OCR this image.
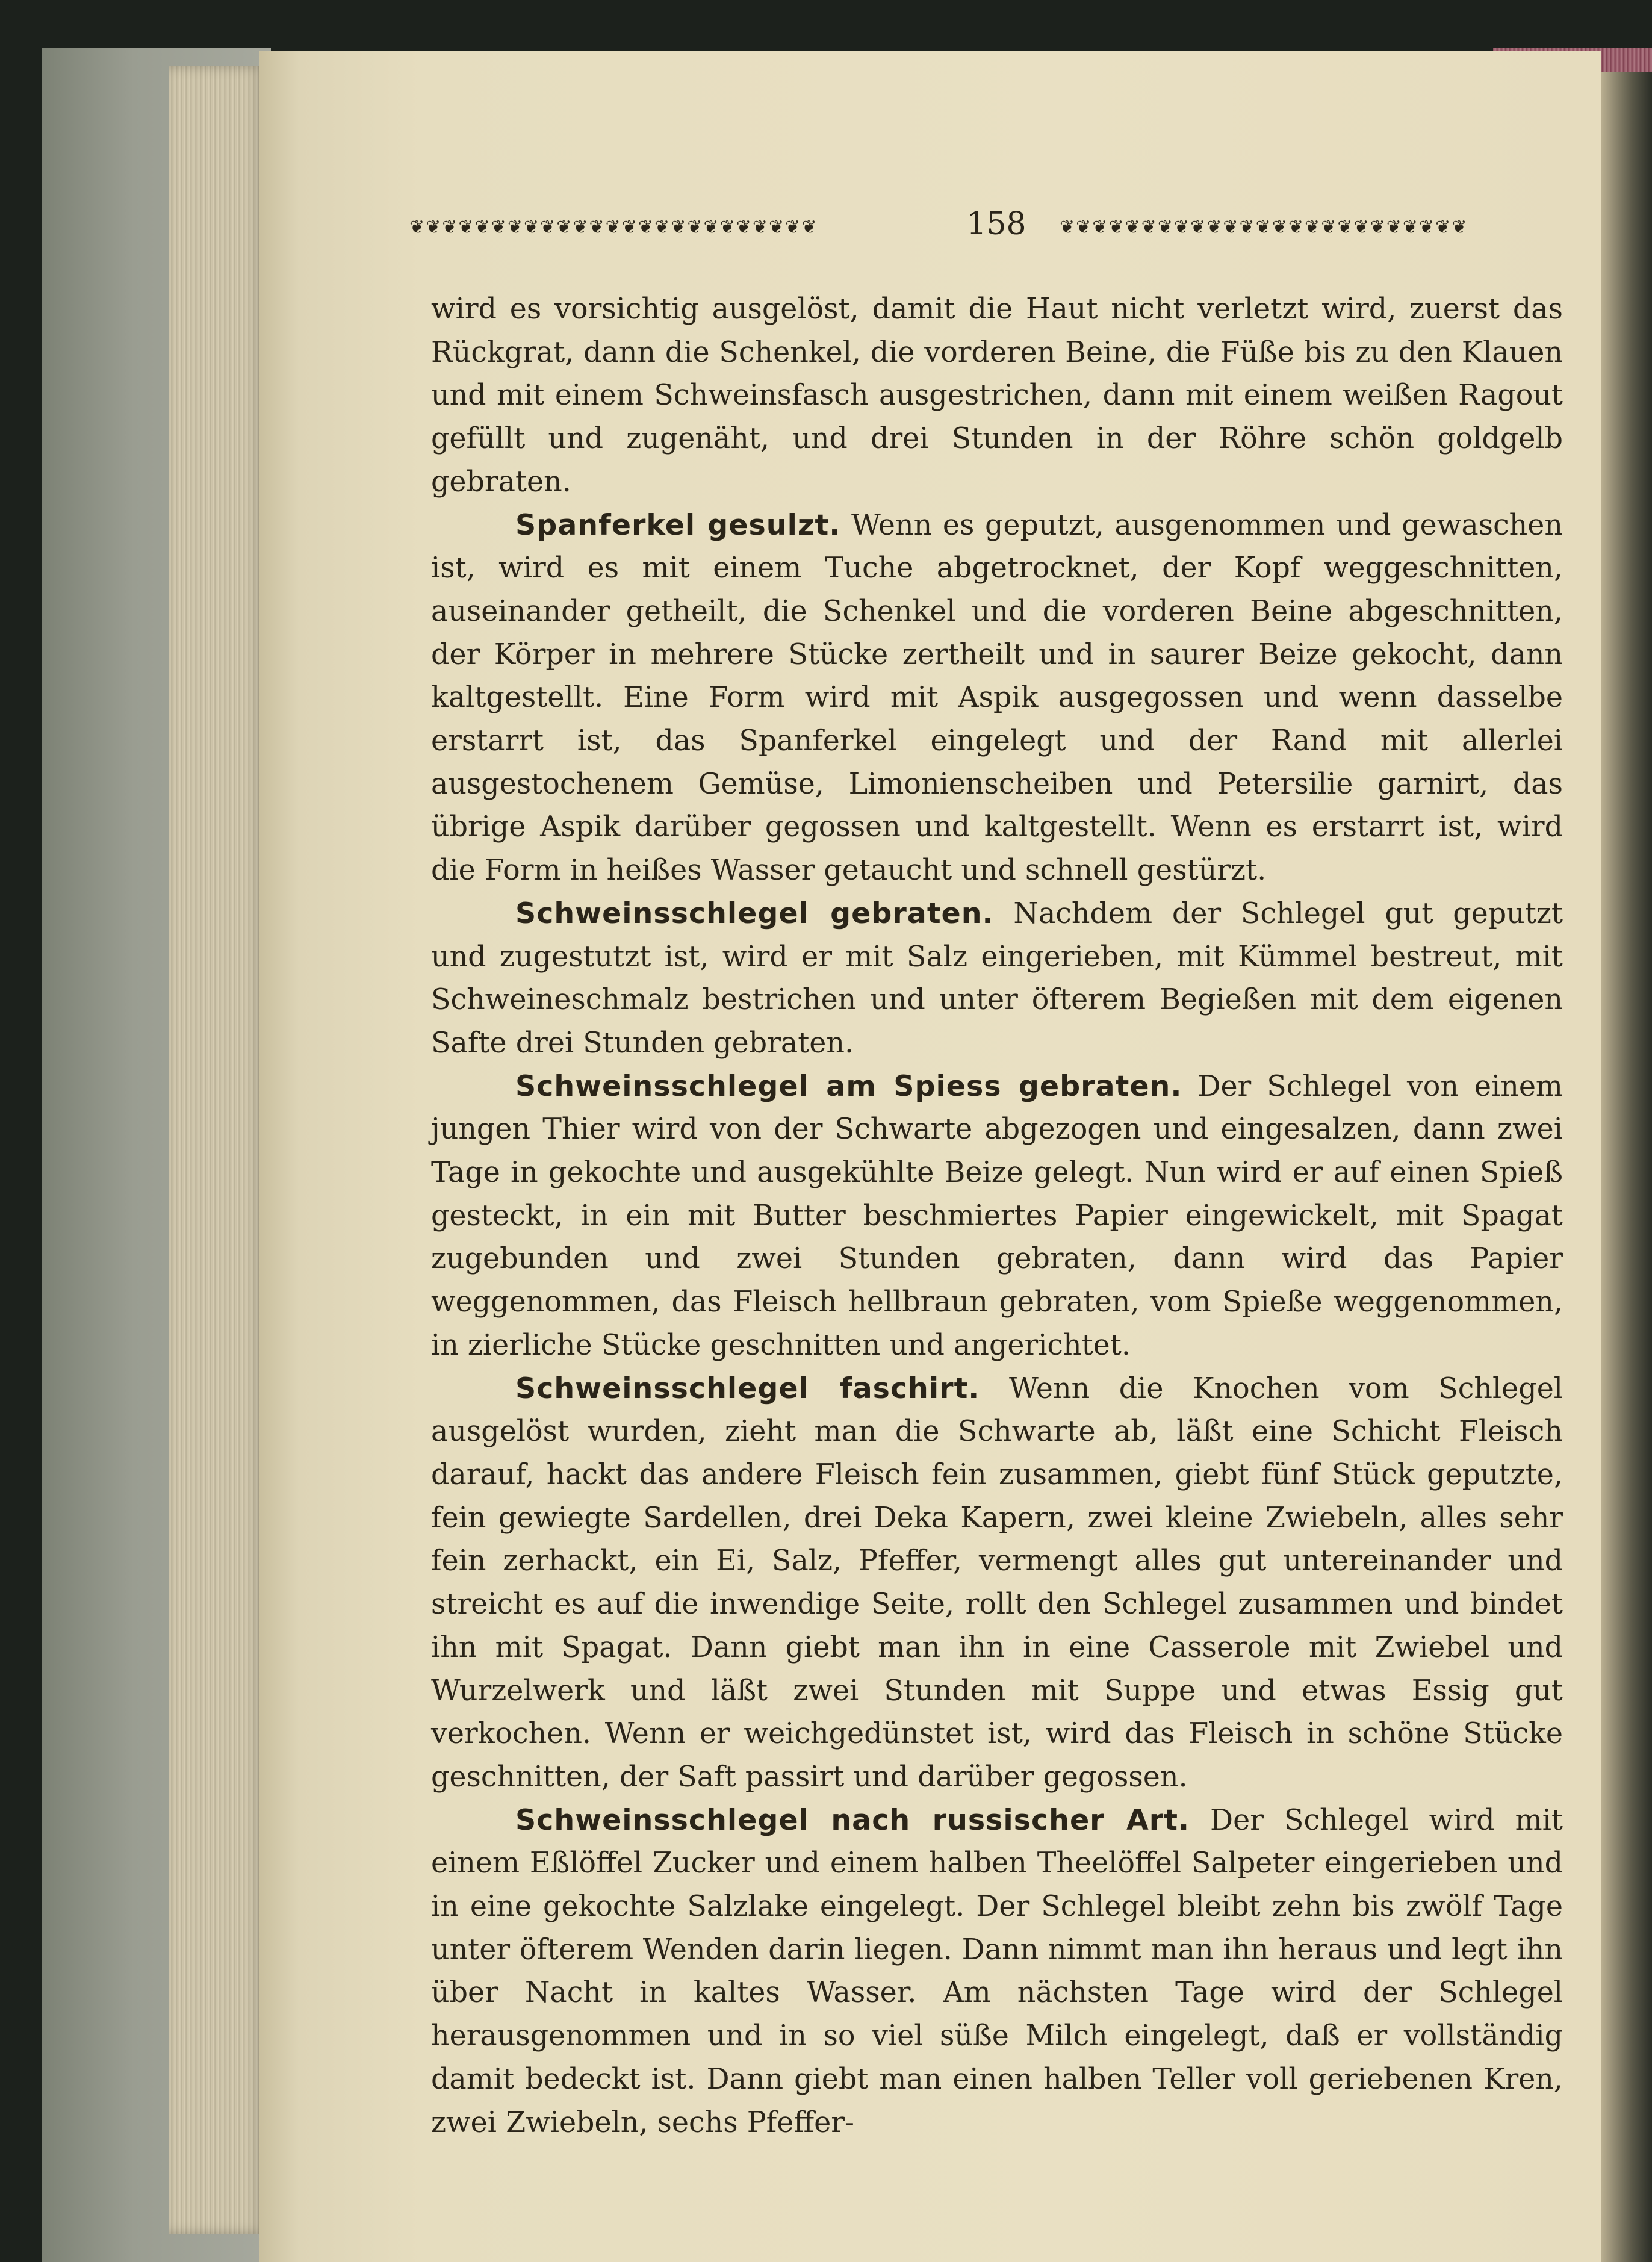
❦❦❦❦❦❦❦❦❦❦❦❦❦❦❦❦❦❦❦❦❦❦❦❦❦	158	❦❦❦❦❦❦❦❦❦❦❦❦❦❦❦❦❦❦❦❦❦❦❦❦❦

wird es vorsichtig ausgelöst, damit die Haut nicht verletzt wird, zuerst das Rückgrat, dann die Schenkel, die vorderen Beine, die Füße bis zu den Klauen und mit einem Schweinsfasch ausgestrichen, dann mit einem weißen Ragout gefüllt und zugenäht, und drei Stunden in der Röhre schön goldgelb gebraten.

Spanferkel gesulzt. Wenn es geputzt, ausgenommen und gewaschen ist, wird es mit einem Tuche abgetrocknet, der Kopf weggeschnitten, auseinander getheilt, die Schenkel und die vorderen Beine abgeschnitten, der Körper in mehrere Stücke zertheilt und in saurer Beize gekocht, dann kaltgestellt. Eine Form wird mit Aspik ausgegossen und wenn dasselbe erstarrt ist, das Spanferkel eingelegt und der Rand mit allerlei ausgestochenem Gemüse, Limonienscheiben und Petersilie garnirt, das übrige Aspik darüber gegossen und kaltgestellt. Wenn es erstarrt ist, wird die Form in heißes Wasser getaucht und schnell gestürzt.

Schweinsschlegel gebraten. Nachdem der Schlegel gut geputzt und zugestutzt ist, wird er mit Salz eingerieben, mit Kümmel bestreut, mit Schweineschmalz bestrichen und unter öfterem Begießen mit dem eigenen Safte drei Stunden gebraten.

Schweinsschlegel am Spiess gebraten. Der Schlegel von einem jungen Thier wird von der Schwarte abgezogen und eingesalzen, dann zwei Tage in gekochte und ausgekühlte Beize gelegt. Nun wird er auf einen Spieß gesteckt, in ein mit Butter beschmiertes Papier eingewickelt, mit Spagat zugebunden und zwei Stunden gebraten, dann wird das Papier weggenommen, das Fleisch hellbraun gebraten, vom Spieße weggenommen, in zierliche Stücke geschnitten und angerichtet.

Schweinsschlegel faschirt. Wenn die Knochen vom Schlegel ausgelöst wurden, zieht man die Schwarte ab, läßt eine Schicht Fleisch darauf, hackt das andere Fleisch fein zusammen, giebt fünf Stück geputzte, fein gewiegte Sardellen, drei Deka Kapern, zwei kleine Zwiebeln, alles sehr fein zerhackt, ein Ei, Salz, Pfeffer, vermengt alles gut untereinander und streicht es auf die inwendige Seite, rollt den Schlegel zusammen und bindet ihn mit Spagat. Dann giebt man ihn in eine Casserole mit Zwiebel und Wurzelwerk und läßt zwei Stunden mit Suppe und etwas Essig gut verkochen. Wenn er weichgedünstet ist, wird das Fleisch in schöne Stücke geschnitten, der Saft passirt und darüber gegossen.

Schweinsschlegel nach russischer Art. Der Schlegel wird mit einem Eßlöffel Zucker und einem halben Theelöffel Salpeter eingerieben und in eine gekochte Salzlake eingelegt. Der Schlegel bleibt zehn bis zwölf Tage unter öfterem Wenden darin liegen. Dann nimmt man ihn heraus und legt ihn über Nacht in kaltes Wasser. Am nächsten Tage wird der Schlegel herausgenommen und in so viel süße Milch eingelegt, daß er vollständig damit bedeckt ist. Dann giebt man einen halben Teller voll geriebenen Kren, zwei Zwiebeln, sechs Pfeffer-
